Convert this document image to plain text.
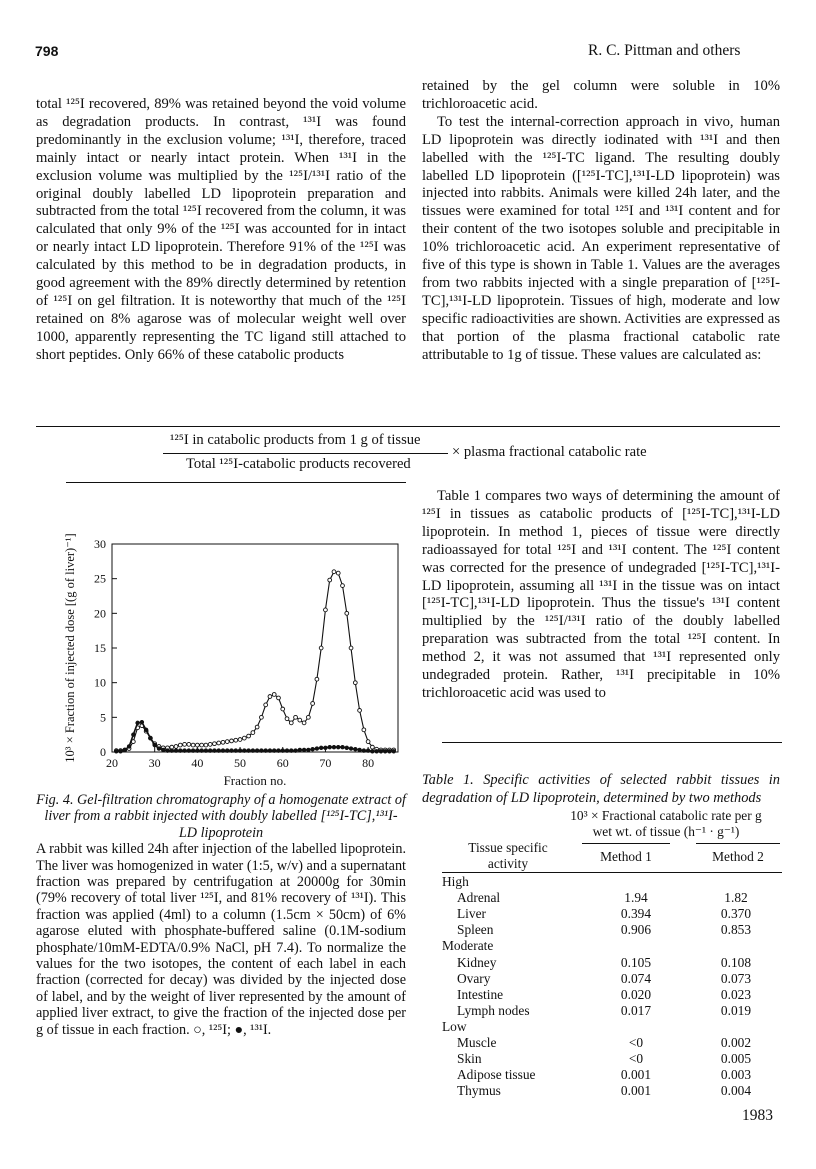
798	R. C. Pittman and others

total ¹²⁵I recovered, 89% was retained beyond the void volume as degradation products. In contrast, ¹³¹I was found predominantly in the exclusion volume; ¹³¹I, therefore, traced mainly intact or nearly intact protein. When ¹³¹I in the exclusion volume was multiplied by the ¹²⁵I/¹³¹I ratio of the original doubly labelled LD lipoprotein preparation and subtracted from the total ¹²⁵I recovered from the column, it was calculated that only 9% of the ¹²⁵I was accounted for in intact or nearly intact LD lipoprotein. Therefore 91% of the ¹²⁵I was calculated by this method to be in degradation products, in good agreement with the 89% directly determined by retention of ¹²⁵I on gel filtration. It is noteworthy that much of the ¹²⁵I retained on 8% agarose was of molecular weight well over 1000, apparently representing the TC ligand still attached to short peptides. Only 66% of these catabolic products

retained by the gel column were soluble in 10% trichloroacetic acid.

To test the internal-correction approach in vivo, human LD lipoprotein was directly iodinated with ¹³¹I and then labelled with the ¹²⁵I-TC ligand. The resulting doubly labelled LD lipoprotein ([¹²⁵I-TC],¹³¹I-LD lipoprotein) was injected into rabbits. Animals were killed 24h later, and the tissues were examined for total ¹²⁵I and ¹³¹I content and for their content of the two isotopes soluble and precipitable in 10% trichloroacetic acid. An experiment representative of five of this type is shown in Table 1. Values are the averages from two rabbits injected with a single preparation of [¹²⁵I-TC],¹³¹I-LD lipoprotein. Tissues of high, moderate and low specific radioactivities are shown. Activities are expressed as that portion of the plasma fractional catabolic rate attributable to 1g of tissue. These values are calculated as:

¹²⁵I in catabolic products from 1 g of tissue
Total ¹²⁵I-catabolic products recovered
× plasma fractional catabolic rate

Table 1 compares two ways of determining the amount of ¹²⁵I in tissues as catabolic products of [¹²⁵I-TC],¹³¹I-LD lipoprotein. In method 1, pieces of tissue were directly radioassayed for total ¹²⁵I and ¹³¹I content. The ¹²⁵I content was corrected for the presence of undegraded [¹²⁵I-TC],¹³¹I-LD lipoprotein, assuming all ¹³¹I in the tissue was on intact [¹²⁵I-TC],¹³¹I-LD lipoprotein. Thus the tissue's ¹³¹I content multiplied by the ¹²⁵I/¹³¹I ratio of the doubly labelled preparation was subtracted from the total ¹²⁵I content. In method 2, it was not assumed that ¹³¹I represented only undegraded protein. Rather, ¹³¹I precipitable in 10% trichloroacetic acid was used to

0
5
10
15
20
25
30
20	30	40	50	60	70	80
Fraction no.
10³ × Fraction of injected dose [(g of liver)⁻¹]
Fig. 4. Gel-filtration chromatography of a homogenate extract of liver from a rabbit injected with doubly labelled [¹²⁵I-TC],¹³¹I-LD lipoprotein
A rabbit was killed 24h after injection of the labelled lipoprotein. The liver was homogenized in water (1:5, w/v) and a supernatant fraction was prepared by centrifugation at 20000g for 30min (79% recovery of total liver ¹²⁵I, and 81% recovery of ¹³¹I). This fraction was applied (4ml) to a column (1.5cm × 50cm) of 6% agarose eluted with phosphate-buffered saline (0.1M-sodium phosphate/10mM-EDTA/0.9% NaCl, pH 7.4). To normalize the values for the two isotopes, the content of each label in each fraction (corrected for decay) was divided by the injected dose of label, and by the weight of liver represented by the amount of applied liver extract, to give the fraction of the injected dose per g of tissue in each fraction. ○, ¹²⁵I; ●, ¹³¹I.
Table 1. Specific activities of selected rabbit tissues in degradation of LD lipoprotein, determined by two methods
10³ × Fractional catabolic rate per g
wet wt. of tissue (h⁻¹ · g⁻¹)
Tissue specific
activity	Method 1	Method 2
High		
Adrenal	1.94	1.82
Liver	0.394	0.370
Spleen	0.906	0.853
Moderate		
Kidney	0.105	0.108
Ovary	0.074	0.073
Intestine	0.020	0.023
Lymph nodes	0.017	0.019
Low		
Muscle	<0	0.002
Skin	<0	0.005
Adipose tissue	0.001	0.003
Thymus	0.001	0.004
1983
